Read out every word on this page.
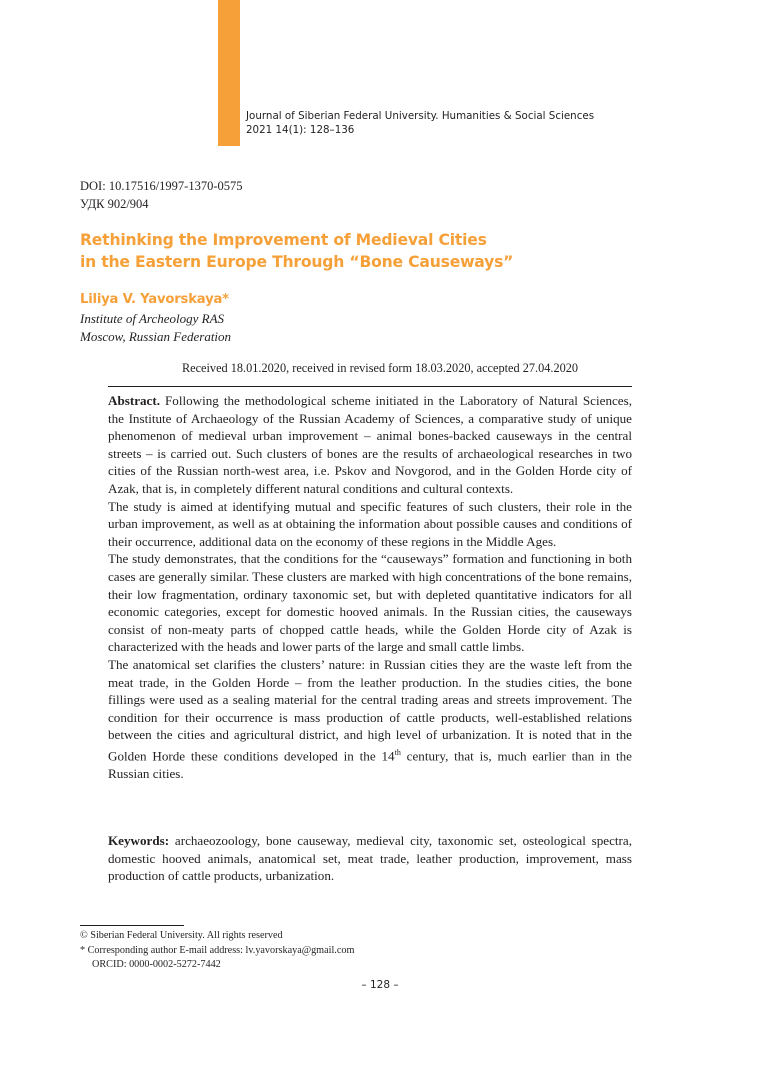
Journal of Siberian Federal University. Humanities & Social Sciences
2021 14(1): 128–136
DOI: 10.17516/1997-1370-0575
УДК 902/904
Rethinking the Improvement of Medieval Cities
in the Eastern Europe Through “Bone Causeways”
Liliya V. Yavorskaya*
Institute of Archeology RAS
Moscow, Russian Federation
Received 18.01.2020, received in revised form 18.03.2020, accepted 27.04.2020

Abstract. Following the methodological scheme initiated in the Laboratory of Natural Sciences, the Institute of Archaeology of the Russian Academy of Sciences, a comparative study of unique phenomenon of medieval urban improvement – animal bones-backed causeways in the central streets – is carried out. Such clusters of bones are the results of archaeological researches in two cities of the Russian north-west area, i.e. Pskov and Novgorod, and in the Golden Horde city of Azak, that is, in completely different natural conditions and cultural contexts.

The study is aimed at identifying mutual and specific features of such clusters, their role in the urban improvement, as well as at obtaining the information about possible causes and conditions of their occurrence, additional data on the economy of these regions in the Middle Ages.

The study demonstrates, that the conditions for the “causeways” formation and functioning in both cases are generally similar. These clusters are marked with high concentrations of the bone remains, their low fragmentation, ordinary taxonomic set, but with depleted quantitative indicators for all economic categories, except for domestic hooved animals. In the Russian cities, the causeways consist of non-meaty parts of chopped cattle heads, while the Golden Horde city of Azak is characterized with the heads and lower parts of the large and small cattle limbs.

The anatomical set clarifies the clusters’ nature: in Russian cities they are the waste left from the meat trade, in the Golden Horde – from the leather production. In the studies cities, the bone fillings were used as a sealing material for the central trading areas and streets improvement. The condition for their occurrence is mass production of cattle products, well-established relations between the cities and agricultural district, and high level of urbanization. It is noted that in the Golden Horde these conditions developed in the 14th century, that is, much earlier than in the Russian cities.

Keywords: archaeozoology, bone causeway, medieval city, taxonomic set, osteological spectra, domestic hooved animals, anatomical set, meat trade, leather production, improvement, mass production of cattle products, urbanization.

© Siberian Federal University. All rights reserved
* Corresponding author E-mail address: lv.yavorskaya@gmail.com
ORCID: 0000-0002-5272-7442
– 128 –
